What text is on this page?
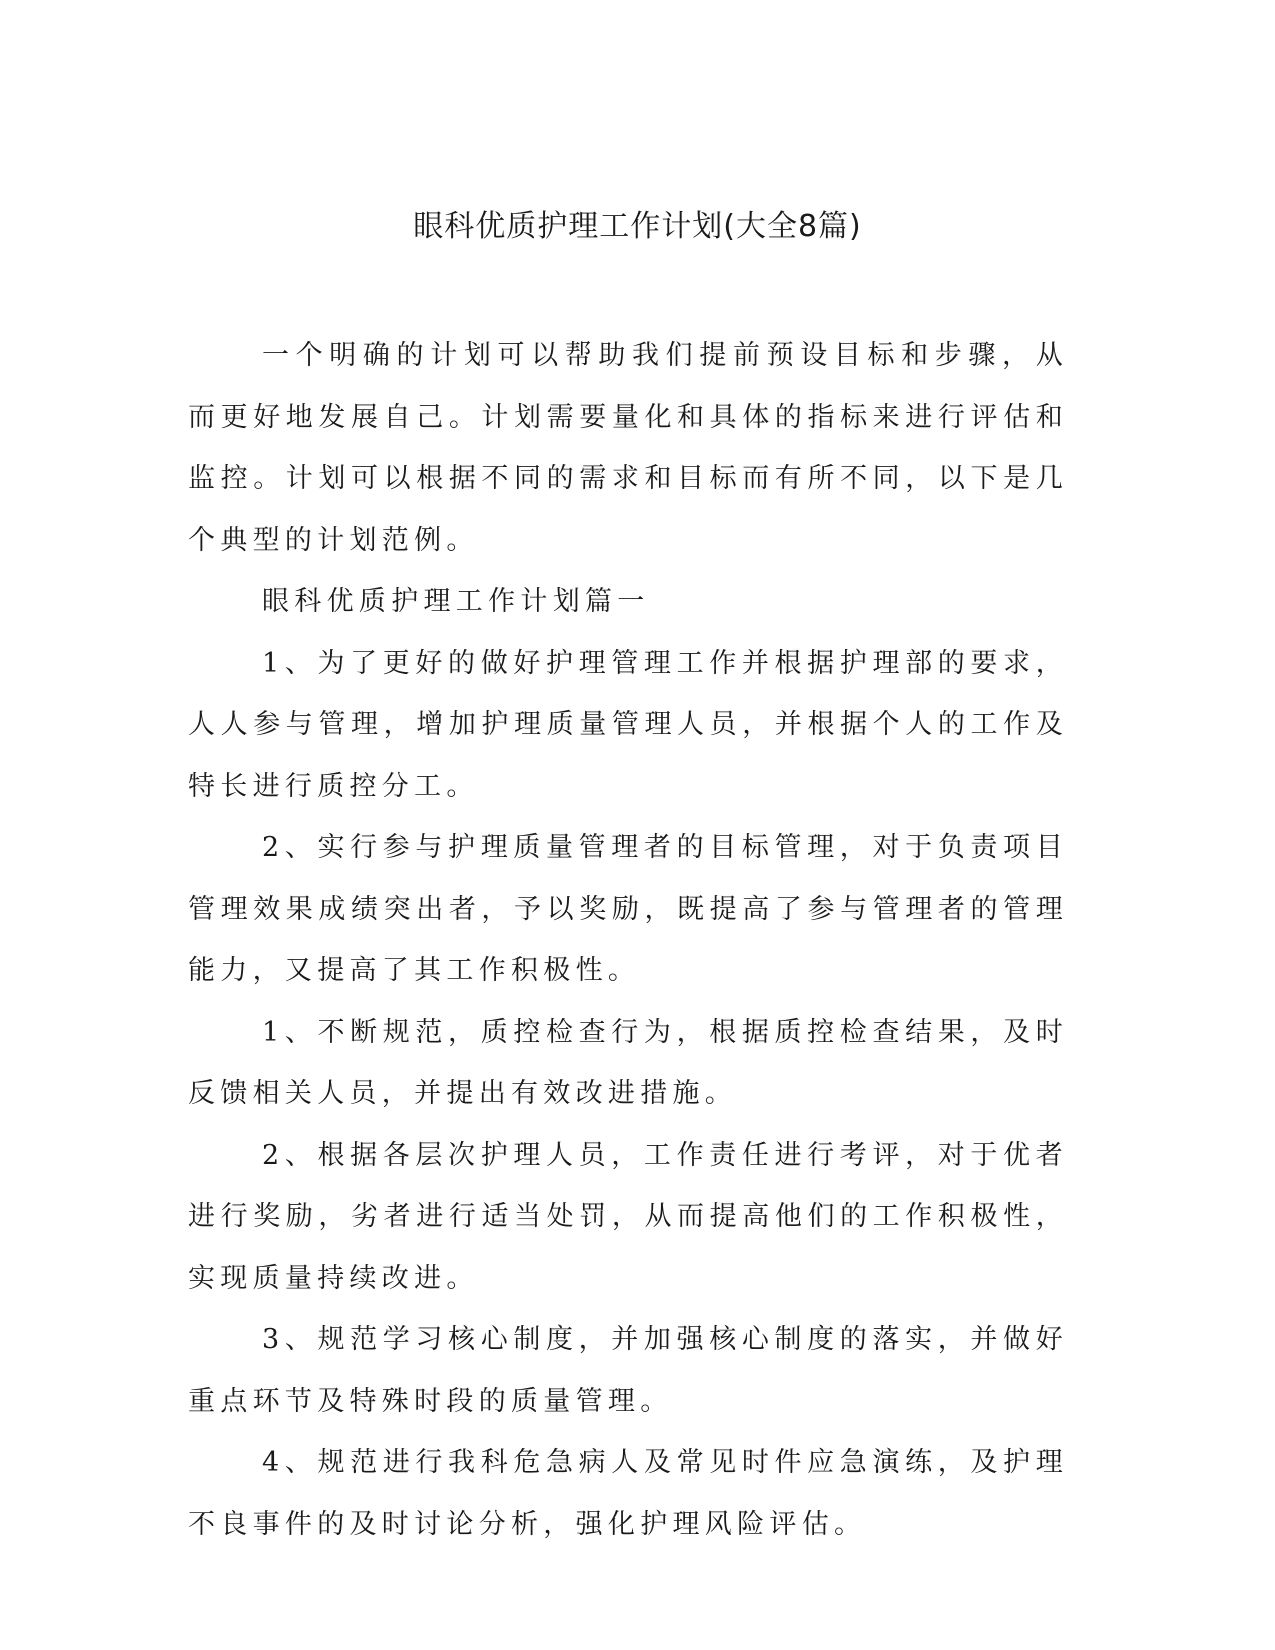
眼科优质护理工作计划(大全8篇)

一个明确的计划可以帮助我们提前预设目标和步骤，从而更好地发展自己。计划需要量化和具体的指标来进行评估和监控。计划可以根据不同的需求和目标而有所不同，以下是几个典型的计划范例。

眼科优质护理工作计划篇一

1、为了更好的做好护理管理工作并根据护理部的要求，人人参与管理，增加护理质量管理人员，并根据个人的工作及特长进行质控分工。

2、实行参与护理质量管理者的目标管理，对于负责项目管理效果成绩突出者，予以奖励，既提高了参与管理者的管理能力，又提高了其工作积极性。

1、不断规范，质控检查行为，根据质控检查结果，及时反馈相关人员，并提出有效改进措施。

2、根据各层次护理人员，工作责任进行考评，对于优者进行奖励，劣者进行适当处罚，从而提高他们的工作积极性，实现质量持续改进。

3、规范学习核心制度，并加强核心制度的落实，并做好重点环节及特殊时段的质量管理。

4、规范进行我科危急病人及常见时件应急演练，及护理不良事件的及时讨论分析，强化护理风险评估。
